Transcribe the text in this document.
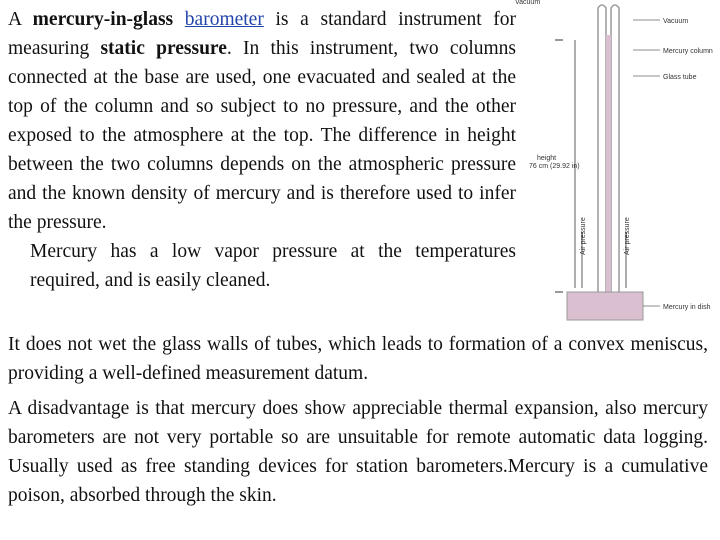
A mercury-in-glass barometer is a standard instrument for measuring static pressure. In this instrument, two columns connected at the base are used, one evacuated and sealed at the top of the column and so subject to no pressure, and the other exposed to the atmosphere at the top. The difference in height between the two columns depends on the atmospheric pressure and the known density of mercury and is therefore used to infer the pressure.
Mercury has a low vapor pressure at the temperatures required, and is easily cleaned.
Vacuum
Vacuum
Mercury column
Glass tube
height
76 cm (29.92 in)
Air pressure	Air pressure
Mercury in dish
It does not wet the glass walls of tubes, which leads to formation of a convex meniscus, providing a well-defined measurement datum.
A disadvantage is that mercury does show appreciable thermal expansion, also mercury barometers are not very portable so are unsuitable for remote automatic data logging. Usually used as free standing devices for station barometers.Mercury is a cumulative poison, absorbed through the skin.
